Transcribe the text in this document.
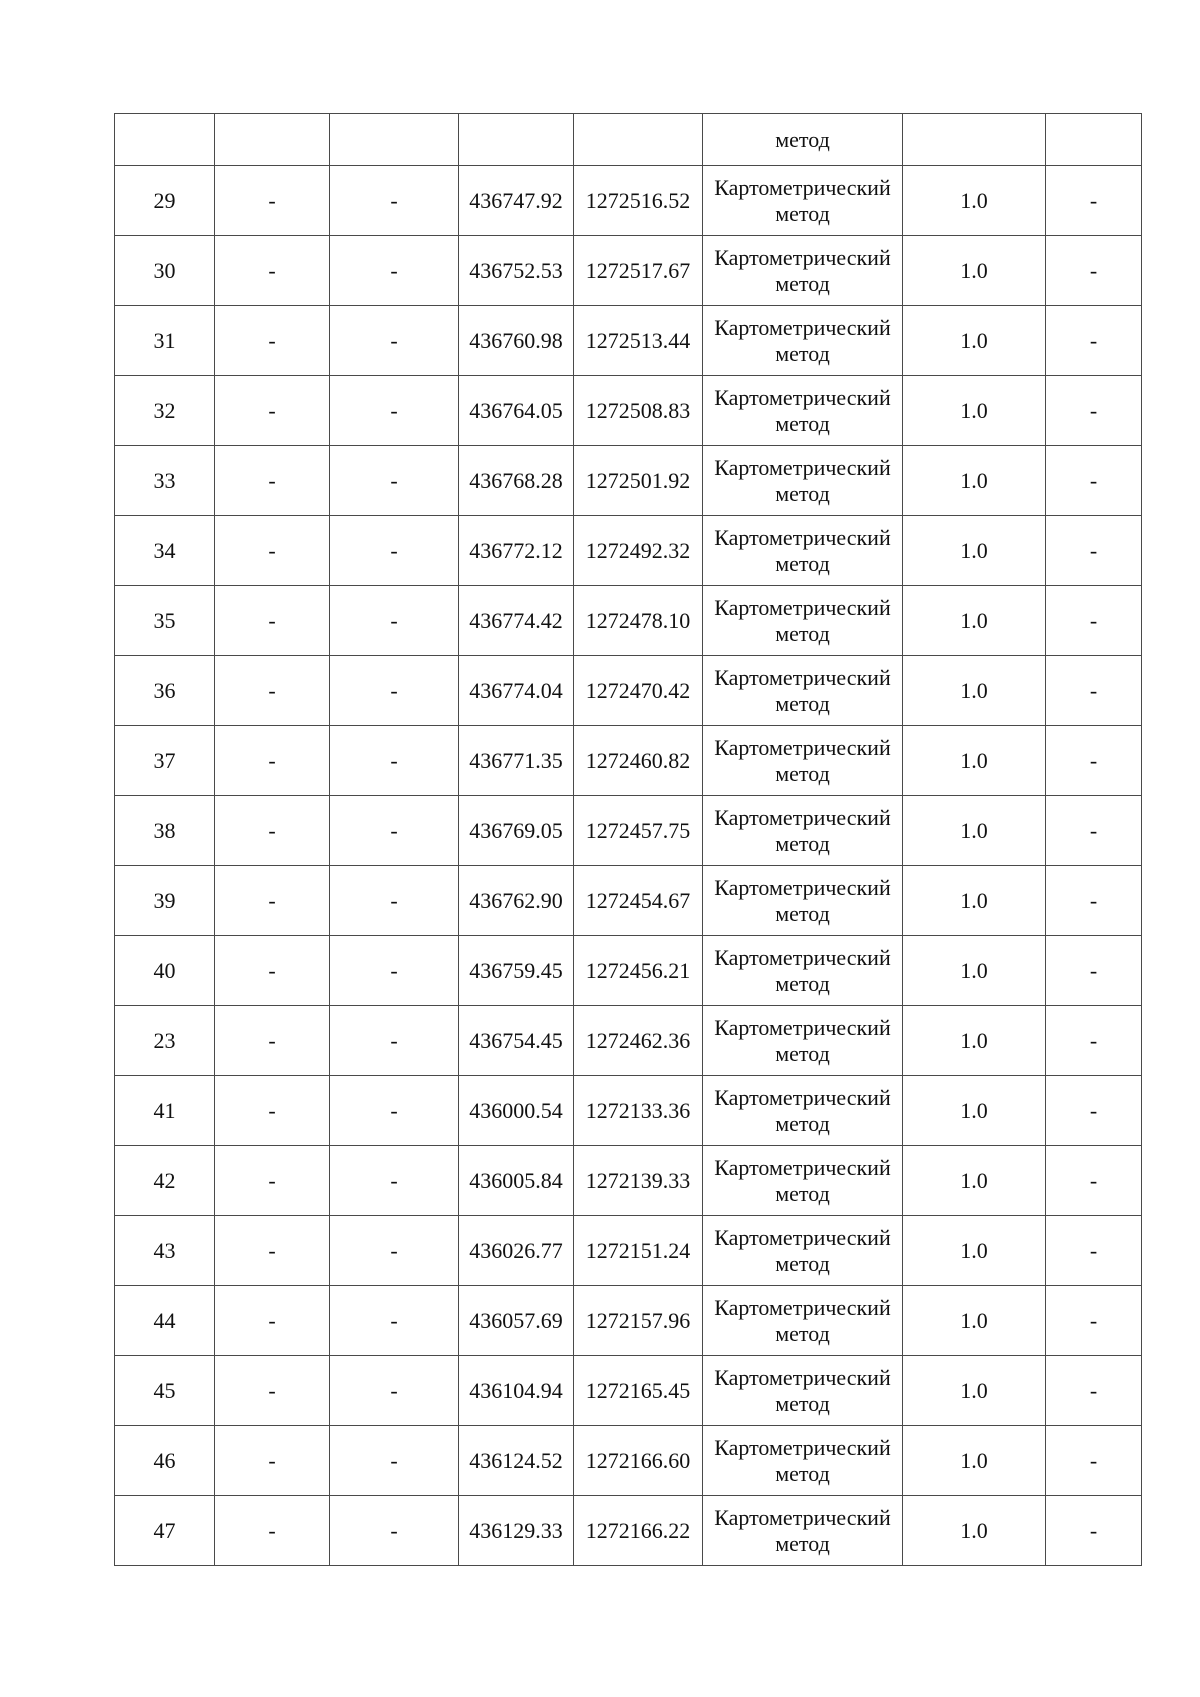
					метод		

29	-	-	436747.92	1272516.52	Картометрический
метод	1.0	-
30	-	-	436752.53	1272517.67	Картометрический
метод	1.0	-
31	-	-	436760.98	1272513.44	Картометрический
метод	1.0	-
32	-	-	436764.05	1272508.83	Картометрический
метод	1.0	-
33	-	-	436768.28	1272501.92	Картометрический
метод	1.0	-
34	-	-	436772.12	1272492.32	Картометрический
метод	1.0	-
35	-	-	436774.42	1272478.10	Картометрический
метод	1.0	-
36	-	-	436774.04	1272470.42	Картометрический
метод	1.0	-
37	-	-	436771.35	1272460.82	Картометрический
метод	1.0	-
38	-	-	436769.05	1272457.75	Картометрический
метод	1.0	-
39	-	-	436762.90	1272454.67	Картометрический
метод	1.0	-
40	-	-	436759.45	1272456.21	Картометрический
метод	1.0	-
23	-	-	436754.45	1272462.36	Картометрический
метод	1.0	-
41	-	-	436000.54	1272133.36	Картометрический
метод	1.0	-
42	-	-	436005.84	1272139.33	Картометрический
метод	1.0	-
43	-	-	436026.77	1272151.24	Картометрический
метод	1.0	-
44	-	-	436057.69	1272157.96	Картометрический
метод	1.0	-
45	-	-	436104.94	1272165.45	Картометрический
метод	1.0	-
46	-	-	436124.52	1272166.60	Картометрический
метод	1.0	-
47	-	-	436129.33	1272166.22	Картометрический
метод	1.0	-
